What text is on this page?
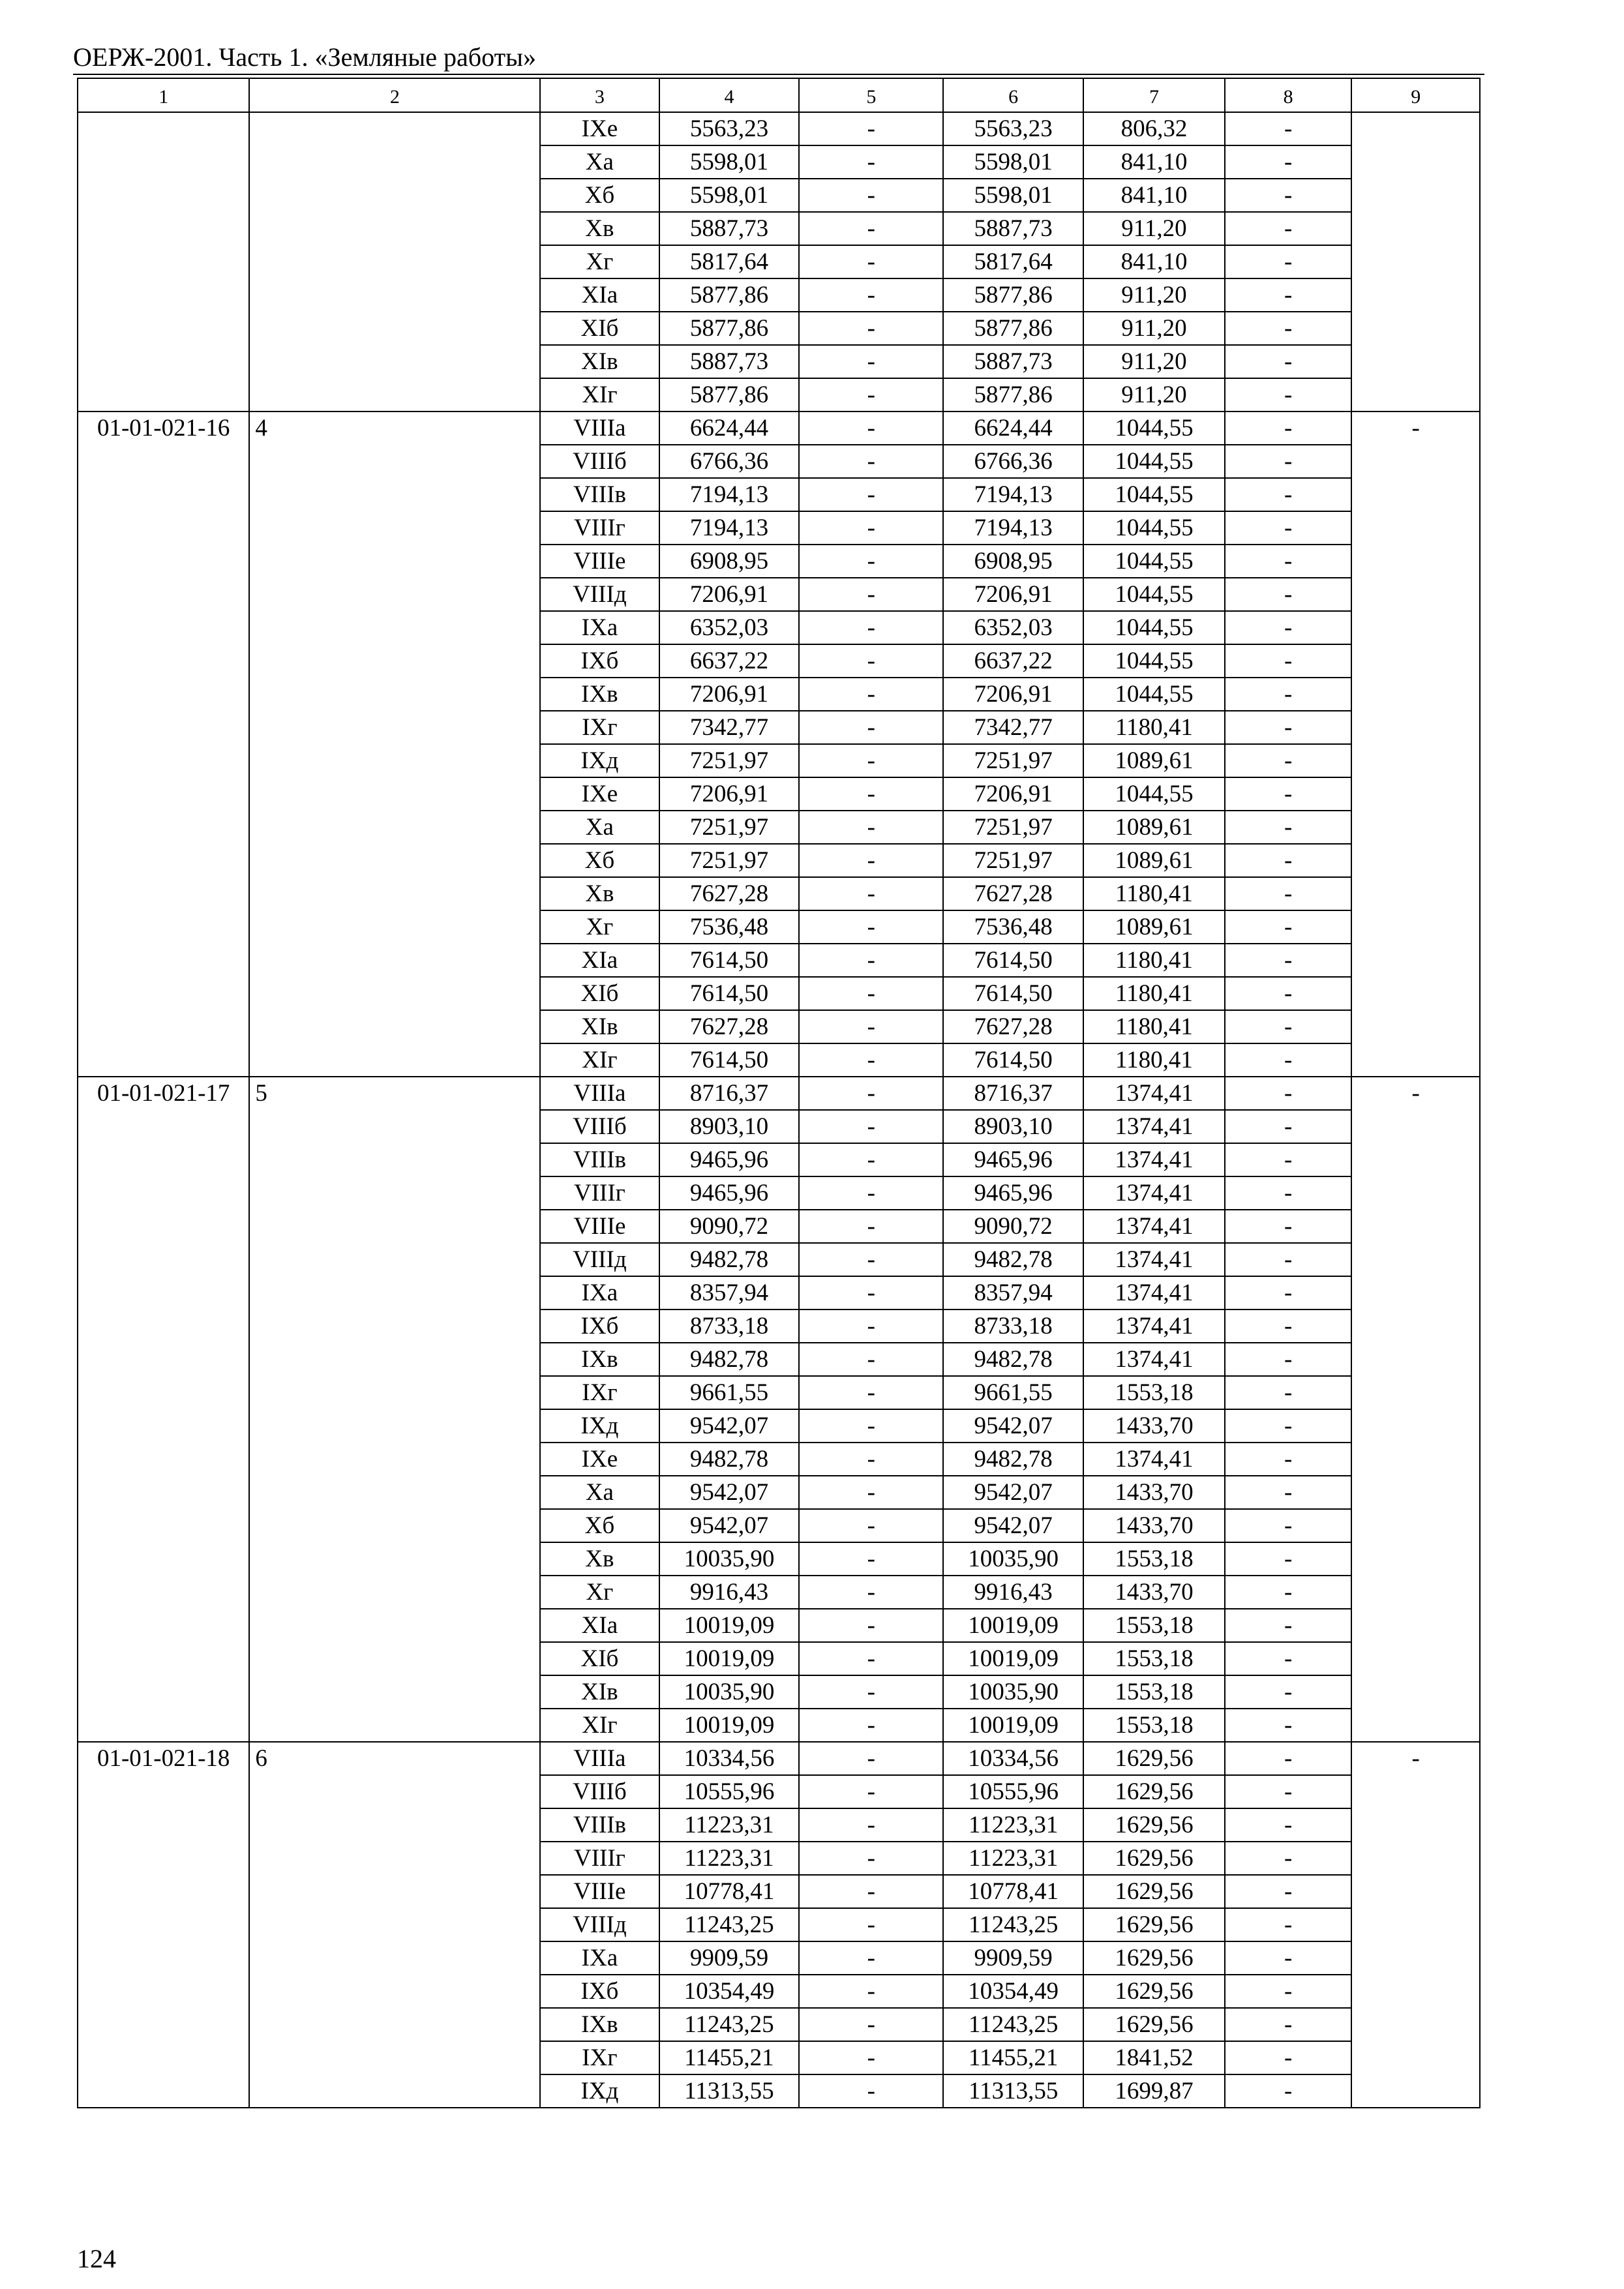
ОЕРЖ-2001. Часть 1. «Земляные работы»
1	2	3	4	5	6	7	8	9
		IXе	5563,23	-	5563,23	806,32	-	
		Xа	5598,01	-	5598,01	841,10	-	
		Xб	5598,01	-	5598,01	841,10	-	
		Xв	5887,73	-	5887,73	911,20	-	
		Xг	5817,64	-	5817,64	841,10	-	
		XIа	5877,86	-	5877,86	911,20	-	
		XIб	5877,86	-	5877,86	911,20	-	
		XIв	5887,73	-	5887,73	911,20	-	
		XIг	5877,86	-	5877,86	911,20	-	
01-01-021-16	4	VIIIа	6624,44	-	6624,44	1044,55	-	-
		VIIIб	6766,36	-	6766,36	1044,55	-	
		VIIIв	7194,13	-	7194,13	1044,55	-	
		VIIIг	7194,13	-	7194,13	1044,55	-	
		VIIIе	6908,95	-	6908,95	1044,55	-	
		VIIIд	7206,91	-	7206,91	1044,55	-	
		IXа	6352,03	-	6352,03	1044,55	-	
		IXб	6637,22	-	6637,22	1044,55	-	
		IXв	7206,91	-	7206,91	1044,55	-	
		IXг	7342,77	-	7342,77	1180,41	-	
		IXд	7251,97	-	7251,97	1089,61	-	
		IXе	7206,91	-	7206,91	1044,55	-	
		Xа	7251,97	-	7251,97	1089,61	-	
		Xб	7251,97	-	7251,97	1089,61	-	
		Xв	7627,28	-	7627,28	1180,41	-	
		Xг	7536,48	-	7536,48	1089,61	-	
		XIа	7614,50	-	7614,50	1180,41	-	
		XIб	7614,50	-	7614,50	1180,41	-	
		XIв	7627,28	-	7627,28	1180,41	-	
		XIг	7614,50	-	7614,50	1180,41	-	
01-01-021-17	5	VIIIа	8716,37	-	8716,37	1374,41	-	-
		VIIIб	8903,10	-	8903,10	1374,41	-	
		VIIIв	9465,96	-	9465,96	1374,41	-	
		VIIIг	9465,96	-	9465,96	1374,41	-	
		VIIIе	9090,72	-	9090,72	1374,41	-	
		VIIIд	9482,78	-	9482,78	1374,41	-	
		IXа	8357,94	-	8357,94	1374,41	-	
		IXб	8733,18	-	8733,18	1374,41	-	
		IXв	9482,78	-	9482,78	1374,41	-	
		IXг	9661,55	-	9661,55	1553,18	-	
		IXд	9542,07	-	9542,07	1433,70	-	
		IXе	9482,78	-	9482,78	1374,41	-	
		Xа	9542,07	-	9542,07	1433,70	-	
		Xб	9542,07	-	9542,07	1433,70	-	
		Xв	10035,90	-	10035,90	1553,18	-	
		Xг	9916,43	-	9916,43	1433,70	-	
		XIа	10019,09	-	10019,09	1553,18	-	
		XIб	10019,09	-	10019,09	1553,18	-	
		XIв	10035,90	-	10035,90	1553,18	-	
		XIг	10019,09	-	10019,09	1553,18	-	
01-01-021-18	6	VIIIа	10334,56	-	10334,56	1629,56	-	-
		VIIIб	10555,96	-	10555,96	1629,56	-	
		VIIIв	11223,31	-	11223,31	1629,56	-	
		VIIIг	11223,31	-	11223,31	1629,56	-	
		VIIIе	10778,41	-	10778,41	1629,56	-	
		VIIIд	11243,25	-	11243,25	1629,56	-	
		IXа	9909,59	-	9909,59	1629,56	-	
		IXб	10354,49	-	10354,49	1629,56	-	
		IXв	11243,25	-	11243,25	1629,56	-	
		IXг	11455,21	-	11455,21	1841,52	-	
		IXд	11313,55	-	11313,55	1699,87	-	
124
